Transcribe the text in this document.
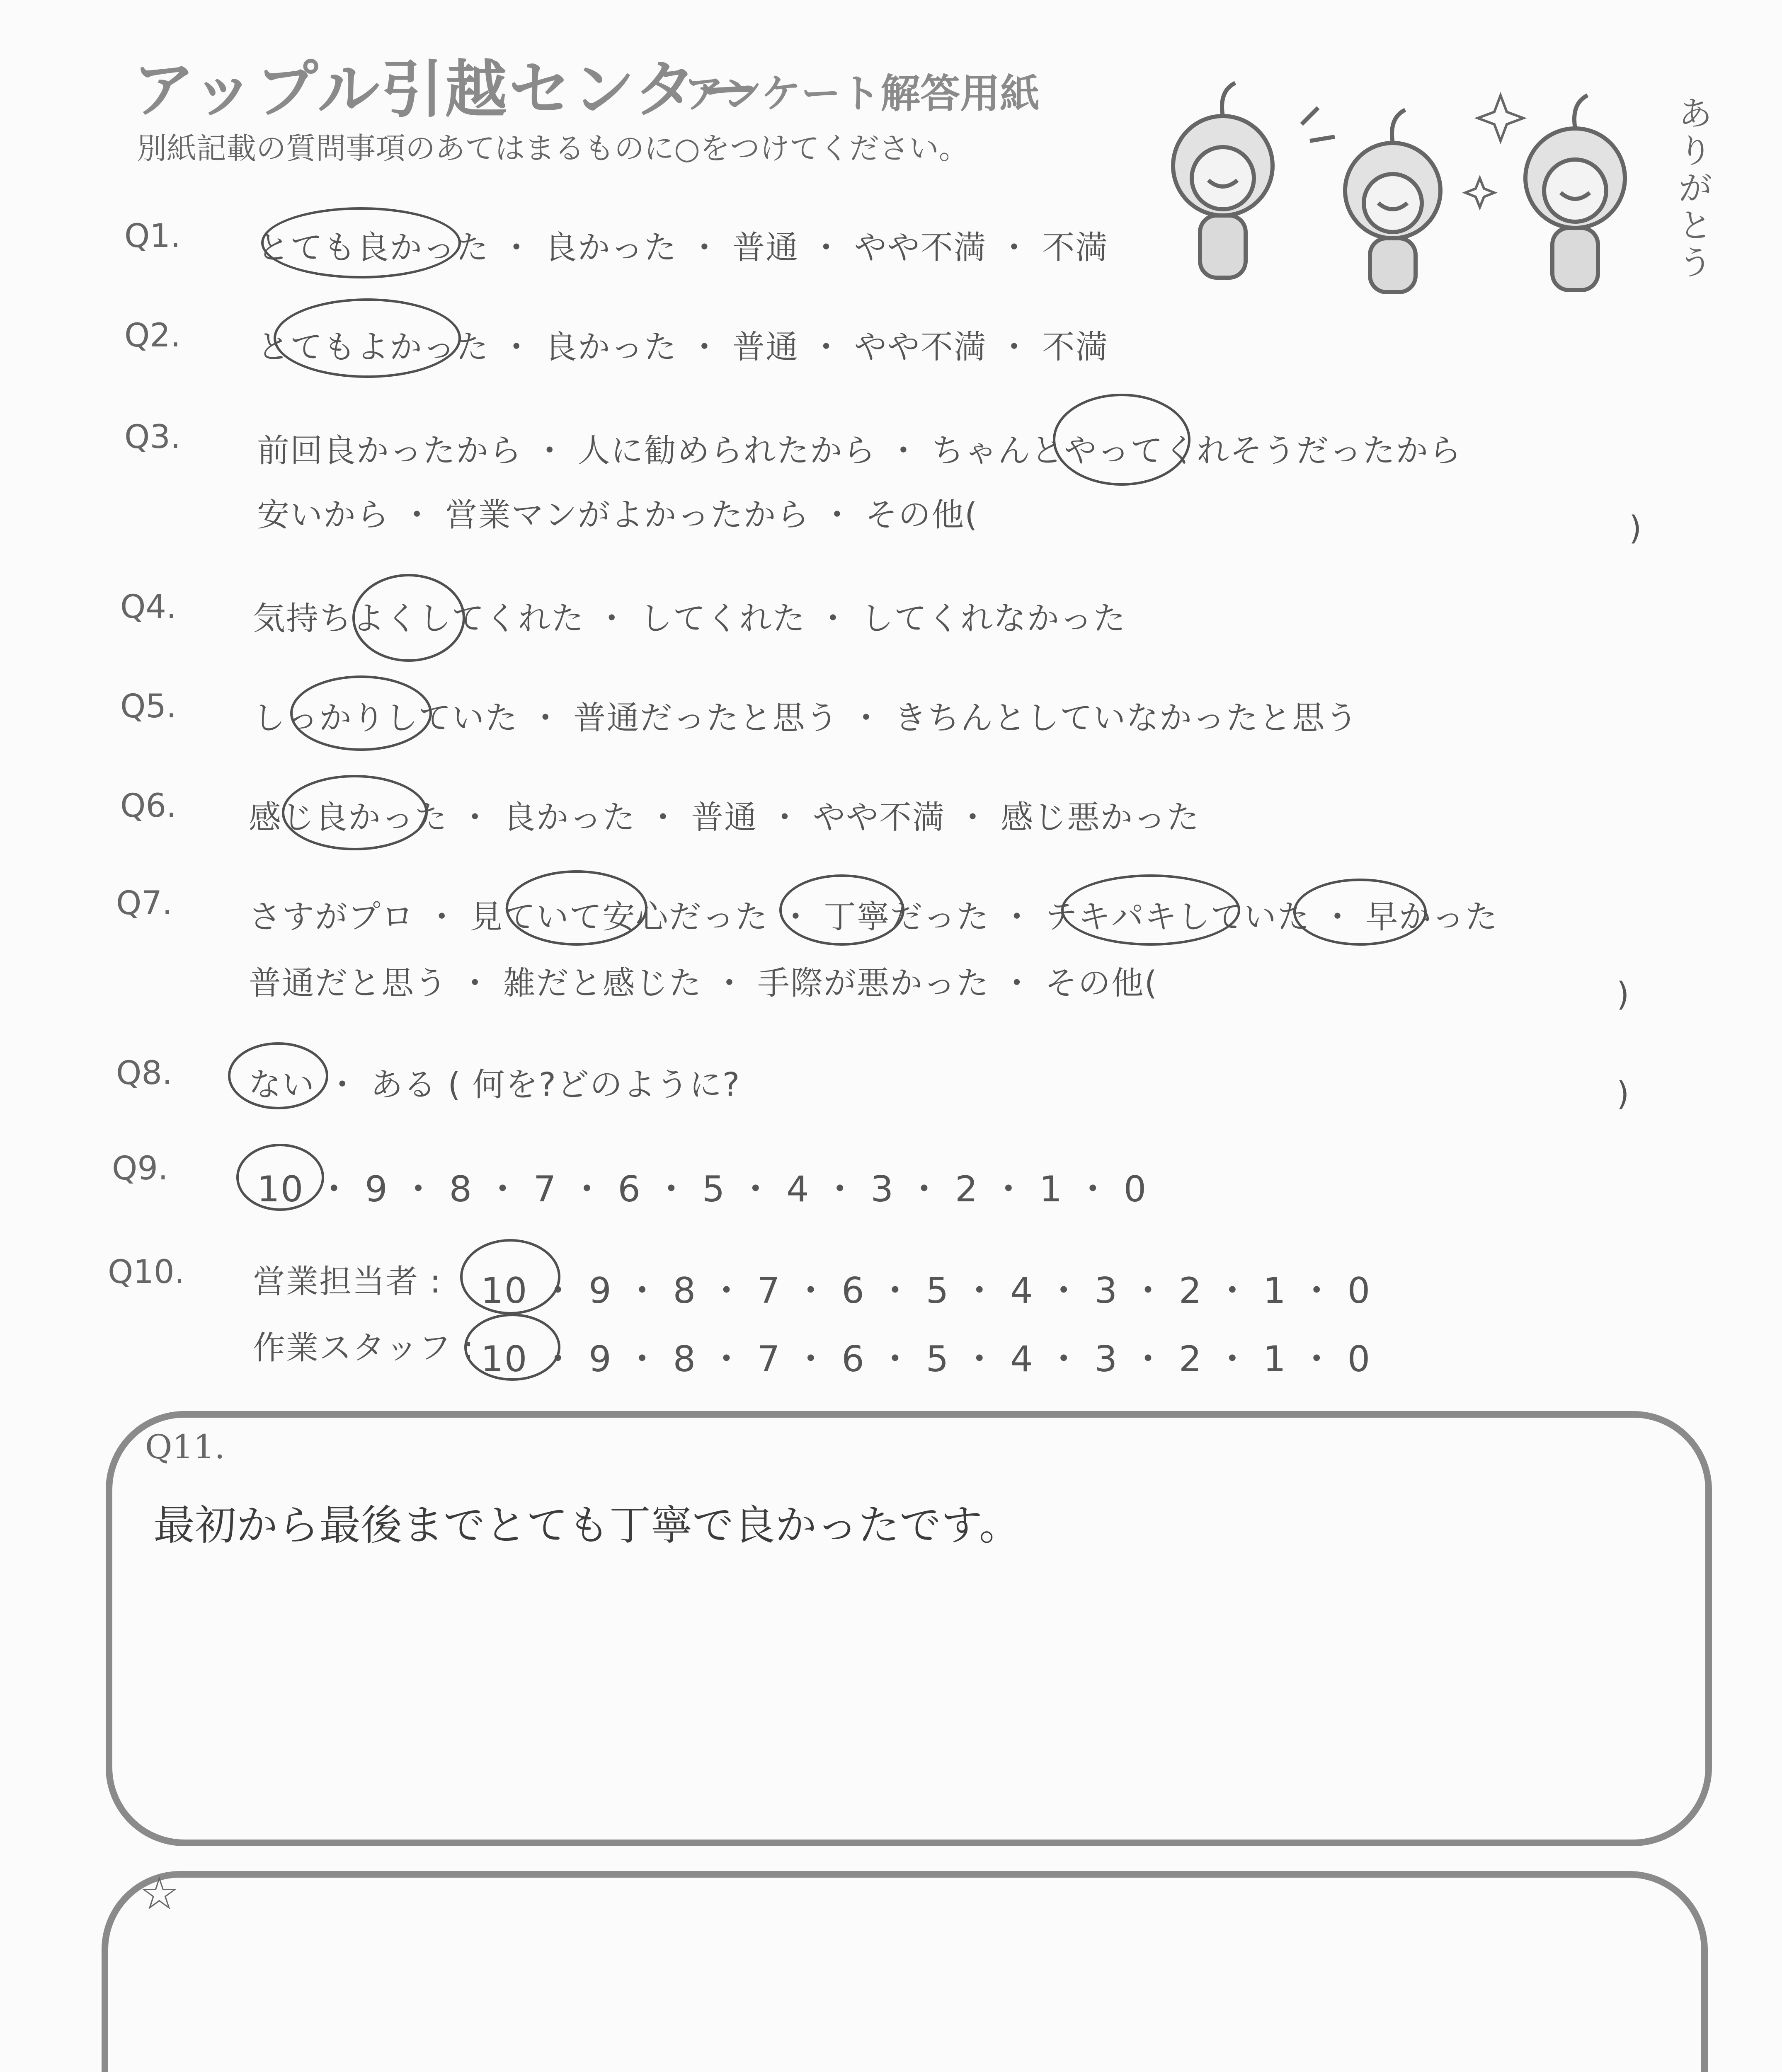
アップル引越センター
アンケート解答用紙
別紙記載の質問事項のあてはまるものに○をつけてください。
ありがとう
Q1. とても良かった ・ 良かった ・ 普通 ・ やや不満 ・ 不満
Q2. とてもよかった ・ 良かった ・ 普通 ・ やや不満 ・ 不満
Q3. 前回良かったから ・ 人に勧められたから ・ ちゃんとやってくれそうだったから
安いから ・ 営業マンがよかったから ・ その他(	)
Q4. 気持ちよくしてくれた ・ してくれた ・ してくれなかった
Q5. しっかりしていた ・ 普通だったと思う ・ きちんとしていなかったと思う
Q6. 感じ良かった ・ 良かった ・ 普通 ・ やや不満 ・ 感じ悪かった
Q7. さすがプロ ・ 見ていて安心だった ・ 丁寧だった ・ テキパキしていた ・ 早かった
普通だと思う ・ 雑だと感じた ・ 手際が悪かった ・ その他(	)
Q8. ない ・ ある ( 何を?どのように?	)
Q9. 10 ・ 9 ・ 8 ・ 7 ・ 6 ・ 5 ・ 4 ・ 3 ・ 2 ・ 1 ・ 0
Q10. 営業担当者 : 10 ・ 9 ・ 8 ・ 7 ・ 6 ・ 5 ・ 4 ・ 3 ・ 2 ・ 1 ・ 0
作業スタッフ : 10 ・ 9 ・ 8 ・ 7 ・ 6 ・ 5 ・ 4 ・ 3 ・ 2 ・ 1 ・ 0
Q11.
最初から最後までとても丁寧で良かったです。
☆
